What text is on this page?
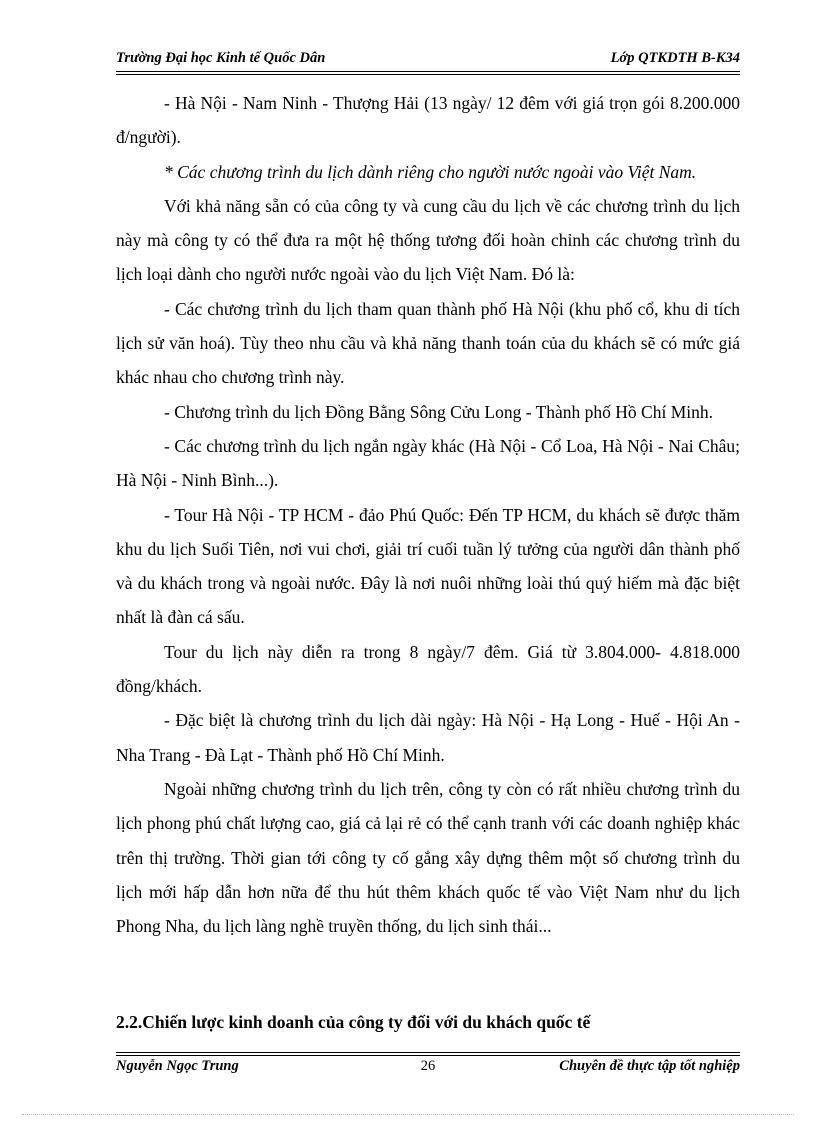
Trường Đại học Kinh tế Quốc Dân	Lớp QTKDTH B-K34

- Hà Nội - Nam Ninh - Thượng Hải (13 ngày/ 12 đêm với giá trọn gói 8.200.000 đ/người).

* Các chương trình du lịch dành riêng cho người nước ngoài vào Việt Nam.

Với khả năng sẵn có của công ty và cung cầu du lịch về các chương trình du lịch này mà công ty có thể đưa ra một hệ thống tương đối hoàn chỉnh các chương trình du lịch loại dành cho người nước ngoài vào du lịch Việt Nam. Đó là:

- Các chương trình du lịch tham quan thành phố Hà Nội (khu phố cổ, khu di tích lịch sử văn hoá). Tùy theo nhu cầu và khả năng thanh toán của du khách sẽ có mức giá khác nhau cho chương trình này.

- Chương trình du lịch Đồng Bằng Sông Cửu Long - Thành phố Hồ Chí Minh.

- Các chương trình du lịch ngắn ngày khác (Hà Nội - Cổ Loa, Hà Nội - Nai Châu; Hà Nội - Ninh Bình...).

- Tour Hà Nội - TP HCM - đảo Phú Quốc: Đến TP HCM, du khách sẽ được thăm khu du lịch Suối Tiên, nơi vui chơi, giải trí cuối tuần lý tưởng của người dân thành phố và du khách trong và ngoài nước. Đây là nơi nuôi những loài thú quý hiếm mà đặc biệt nhất là đàn cá sấu.

Tour du lịch này diễn ra trong 8 ngày/7 đêm. Giá từ 3.804.000- 4.818.000 đồng/khách.

- Đặc biệt là chương trình du lịch dài ngày: Hà Nội - Hạ Long - Huế - Hội An - Nha Trang - Đà Lạt - Thành phố Hồ Chí Minh.

Ngoài những chương trình du lịch trên, công ty còn có rất nhiều chương trình du lịch phong phú chất lượng cao, giá cả lại rẻ có thể cạnh tranh với các doanh nghiệp khác trên thị trường. Thời gian tới công ty cố gắng xây dựng thêm một số chương trình du lịch mới hấp dẫn hơn nữa để thu hút thêm khách quốc tế vào Việt Nam như du lịch Phong Nha, du lịch làng nghề truyền thống, du lịch sinh thái...

2.2.Chiến lược kinh doanh của công ty đối với du khách quốc tế
Nguyễn Ngọc Trung	26	Chuyên đề thực tập tốt nghiệp
